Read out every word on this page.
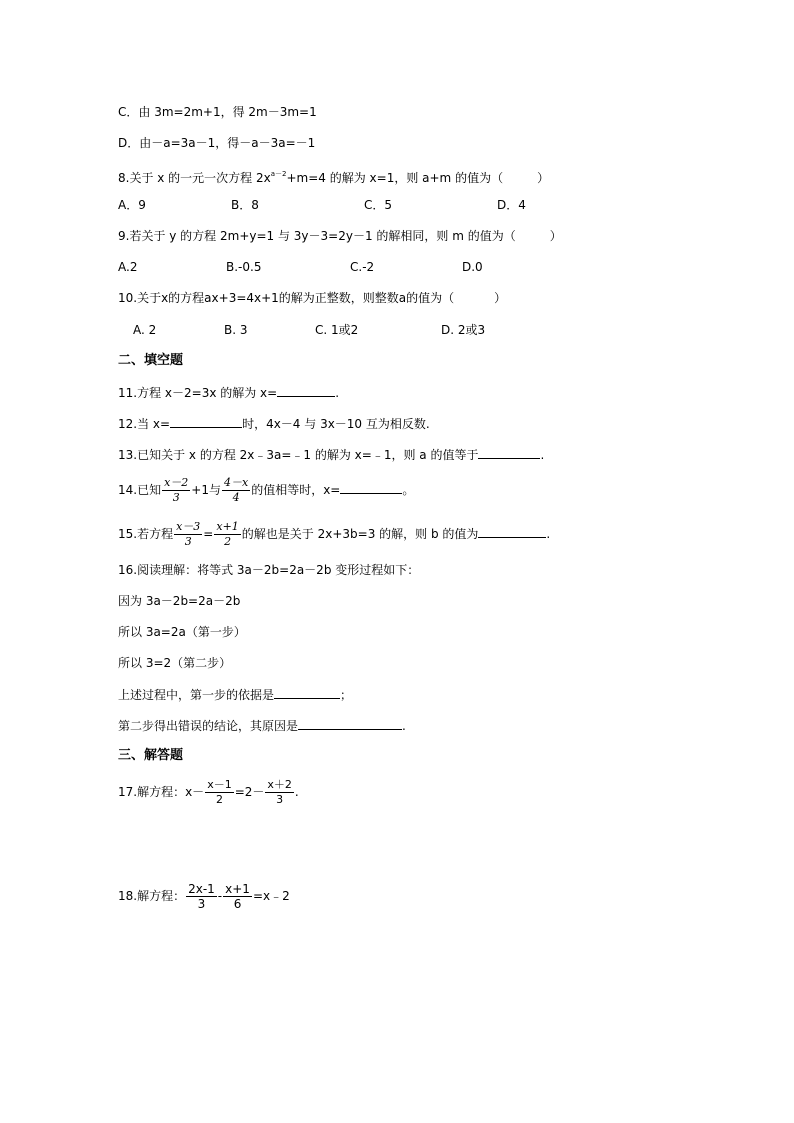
C．由 3m=2m+1，得 2m－3m=1
D．由－a=3a－1，得－a－3a=－1
8.关于 x 的一元一次方程 $2x^{a-2}+m=4$ 的解为 x=1，则 a+m 的值为（	）
A．9	B．8	C．5	D．4
9.若关于 y 的方程 2m+y=1 与 3y－3=2y－1 的解相同，则 m 的值为（	）
A.2	B.-0.5	C.-2	D.0
10.关于x的方程ax+3=4x+1的解为正整数，则整数a的值为（	）
A. 2	B. 3	C. 1或2	D. 2或3
二、填空题
11.方程 x－2=3x 的解为 x=	.
12.当 x=	时，4x－4 与 3x－10 互为相反数.
13.已知关于 x 的方程 2x﹣3a=﹣1 的解为 x=﹣1，则 a 的值等于	.
14.已知 $\frac{x-2}{3} +1$与 $\frac{4-x}{4}$ 的值相等时，x=	。
15.若方程 $\frac{x-3}{3} = \frac{x+1}{2}$ 的解也是关于 2x+3b=3 的解，则 b 的值为	.
16.阅读理解：将等式 3a－2b=2a－2b 变形过程如下：
因为 3a－2b=2a－2b
所以 3a=2a（第一步）
所以 3=2（第二步）
上述过程中，第一步的依据是	；
第二步得出错误的结论，其原因是	.
三、解答题
17.解方程：$x- \frac{x-1}{2} =2- \frac{x+2}{3}$ .
18.解方程： $\frac{2x-1}{3} - \frac{x+1}{6}$ =x﹣2
